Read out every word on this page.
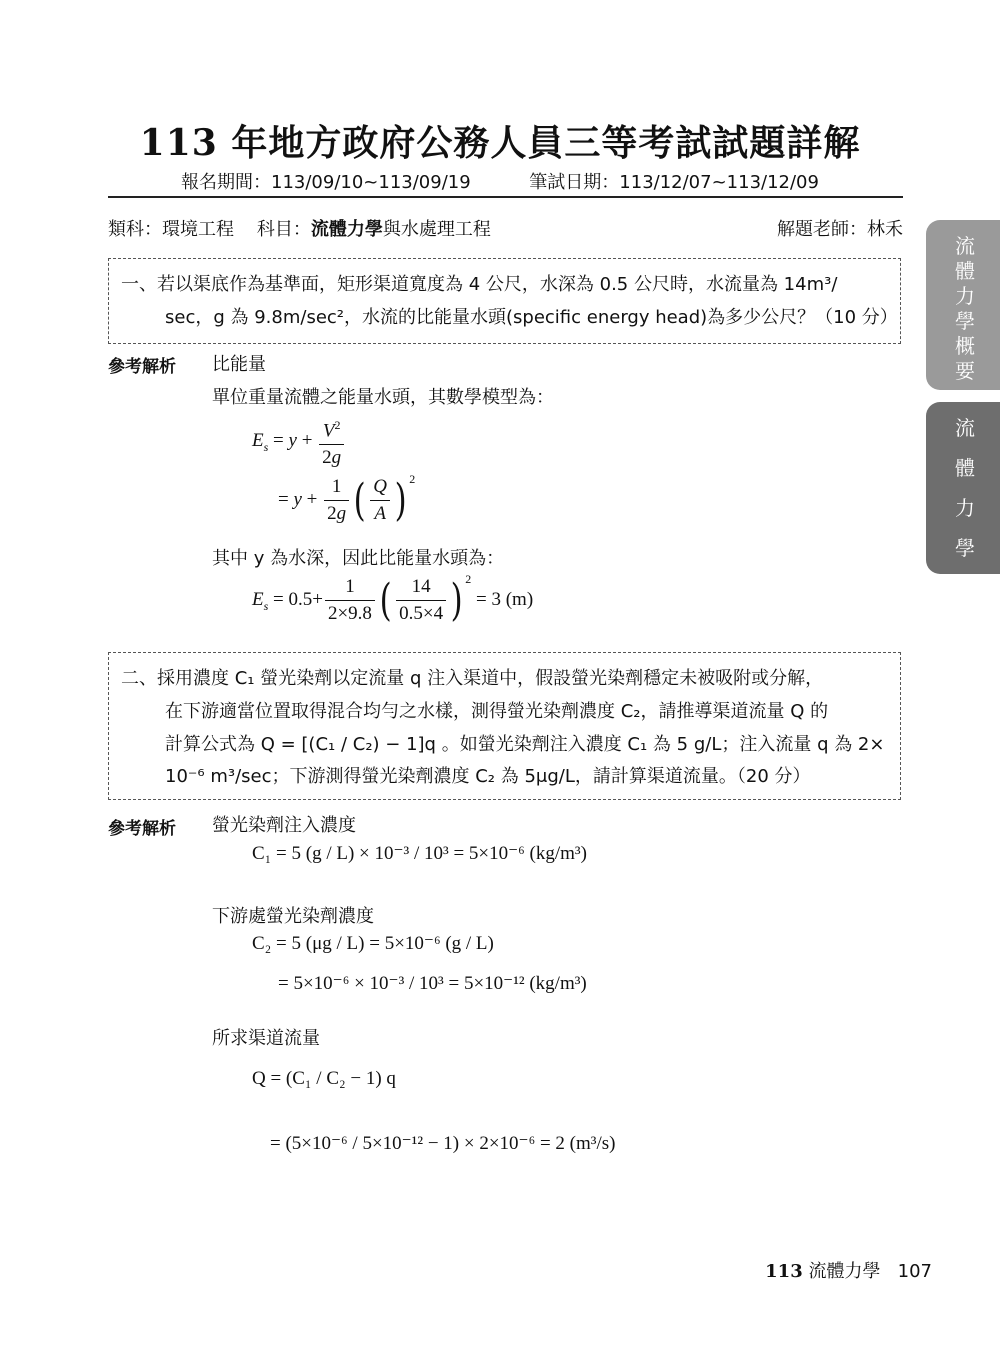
113 年地方政府公務人員三等考試試題詳解
報名期間：113/09/10~113/09/19	筆試日期：113/12/07~113/12/09
類科：環境工程 科目：流體力學與水處理工程	解題老師：林禾
流
體
力
學
概
要
流
體
力
學
一、若以渠底作為基準面，矩形渠道寬度為 4 公尺，水深為 0.5 公尺時，水流量為 14m³/
sec，g 為 9.8m/sec²，水流的比能量水頭(specific energy head)為多少公尺？（10 分）
參考解析 比能量
單位重量流體之能量水頭，其數學模型為：
$E_s = y + \frac{V^2}{2g}$
= $y + \frac{1}{2g}$ ( $\frac{Q}{A}$ ) $^2$
其中 y 為水深，因此比能量水頭為：
$E_s = 0.5+ \frac{1}{2\times 9.8}$ ( $\frac{14}{0.5\times 4}$ ) $^2$ = 3 (m)
二、採用濃度 C₁ 螢光染劑以定流量 q 注入渠道中，假設螢光染劑穩定未被吸附或分解，
在下游適當位置取得混合均勻之水樣，測得螢光染劑濃度 C₂，請推導渠道流量 Q 的
計算公式為 Q = [(C₁ / C₂) − 1]q 。如螢光染劑注入濃度 C₁ 為 5 g/L；注入流量 q 為 2×
10⁻⁶ m³/sec；下游測得螢光染劑濃度 C₂ 為 5μg/L，請計算渠道流量。（20 分）
參考解析 螢光染劑注入濃度
C₁ = 5 (g / L) × 10⁻³ / 10³ = 5×10⁻⁶ (kg/m³)
下游處螢光染劑濃度
C₂ = 5 (μg / L) = 5×10⁻⁶ (g / L)
= 5×10⁻⁶ × 10⁻³ / 10³ = 5×10⁻¹² (kg/m³)
所求渠道流量
Q = (C₁ / C₂ − 1) q
= (5×10⁻⁶ / 5×10⁻¹² − 1) × 2×10⁻⁶ = 2 (m³/s)
113 流體力學 107
